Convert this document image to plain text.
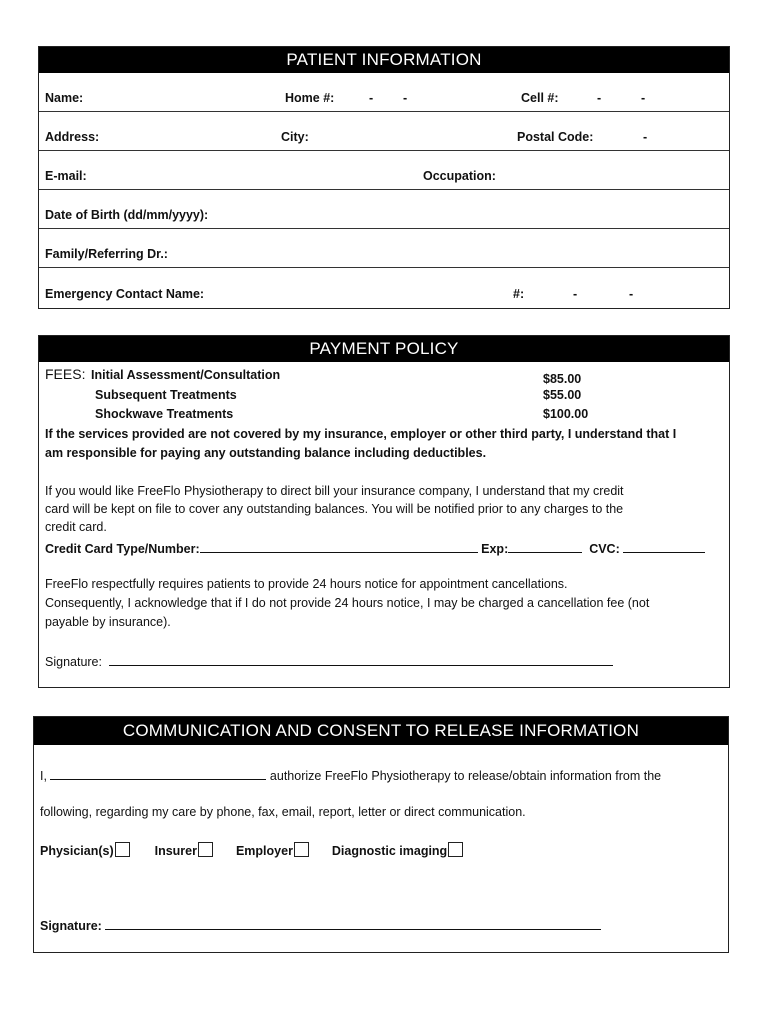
PATIENT INFORMATION
Name:	Home #:	- -	Cell #:	-	-
Address:	City:	Postal Code:	-
E-mail:	Occupation:
Date of Birth (dd/mm/yyyy):
Family/Referring Dr.:
Emergency Contact Name:	#:	-	-
PAYMENT POLICY
FEES: Initial Assessment/Consultation	$85.00
Subsequent Treatments	$55.00
Shockwave Treatments	$100.00
If the services provided are not covered by my insurance, employer or other third party, I understand that I
am responsible for paying any outstanding balance including deductibles.
If you would like FreeFlo Physiotherapy to direct bill your insurance company, I understand that my credit
card will be kept on file to cover any outstanding balances. You will be notified prior to any charges to the
credit card.
Credit Card Type/Number:	Exp:	CVC:
FreeFlo respectfully requires patients to provide 24 hours notice for appointment cancellations.
Consequently, I acknowledge that if I do not provide 24 hours notice, I may be charged a cancellation fee (not
payable by insurance).
Signature:
COMMUNICATION AND CONSENT TO RELEASE INFORMATION
I,	authorize FreeFlo Physiotherapy to release/obtain information from the
following, regarding my care by phone, fax, email, report, letter or direct communication.
Physician(s)	Insurer	Employer	Diagnostic imaging
Signature:
